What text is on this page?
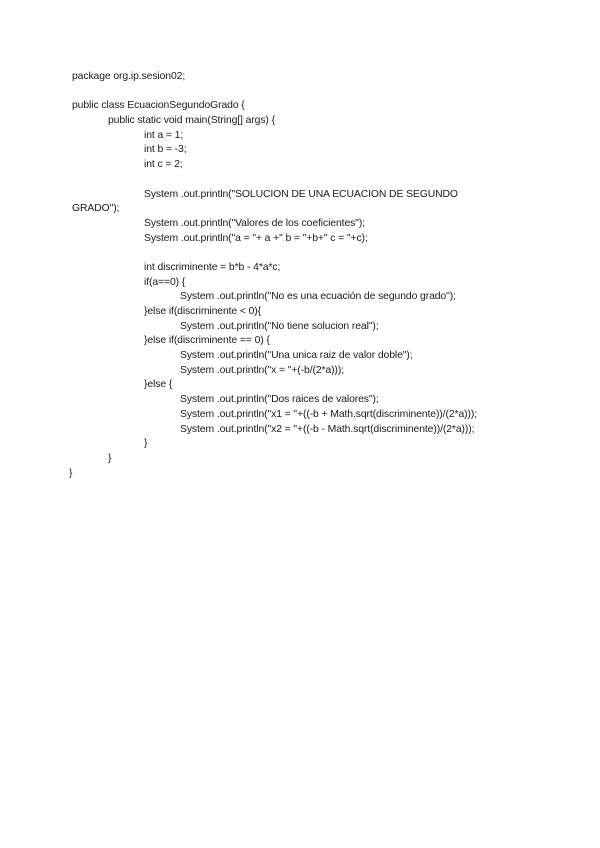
package org.ip.sesion02;
public class EcuacionSegundoGrado {
public static void main(String[] args) {
int a = 1;
int b = -3;
int c = 2;
System .out.println("SOLUCION DE UNA ECUACION DE SEGUNDO
GRADO");
System .out.println("Valores de los coeficientes");
System .out.println("a = "+ a +" b = "+b+" c = "+c);
int discriminente = b*b - 4*a*c;
if(a==0) {
System .out.println("No es una ecuación de segundo grado");
}else if(discriminente < 0){
System .out.println("No tiene solucion real");
}else if(discriminente == 0) {
System .out.println("Una unica raiz de valor doble");
System .out.println("x = "+(-b/(2*a)));
}else {
System .out.println("Dos raices de valores");
System .out.println("x1 = "+((-b + Math.sqrt(discriminente))/(2*a)));
System .out.println("x2 = "+((-b - Math.sqrt(discriminente))/(2*a)));
}
}
}
